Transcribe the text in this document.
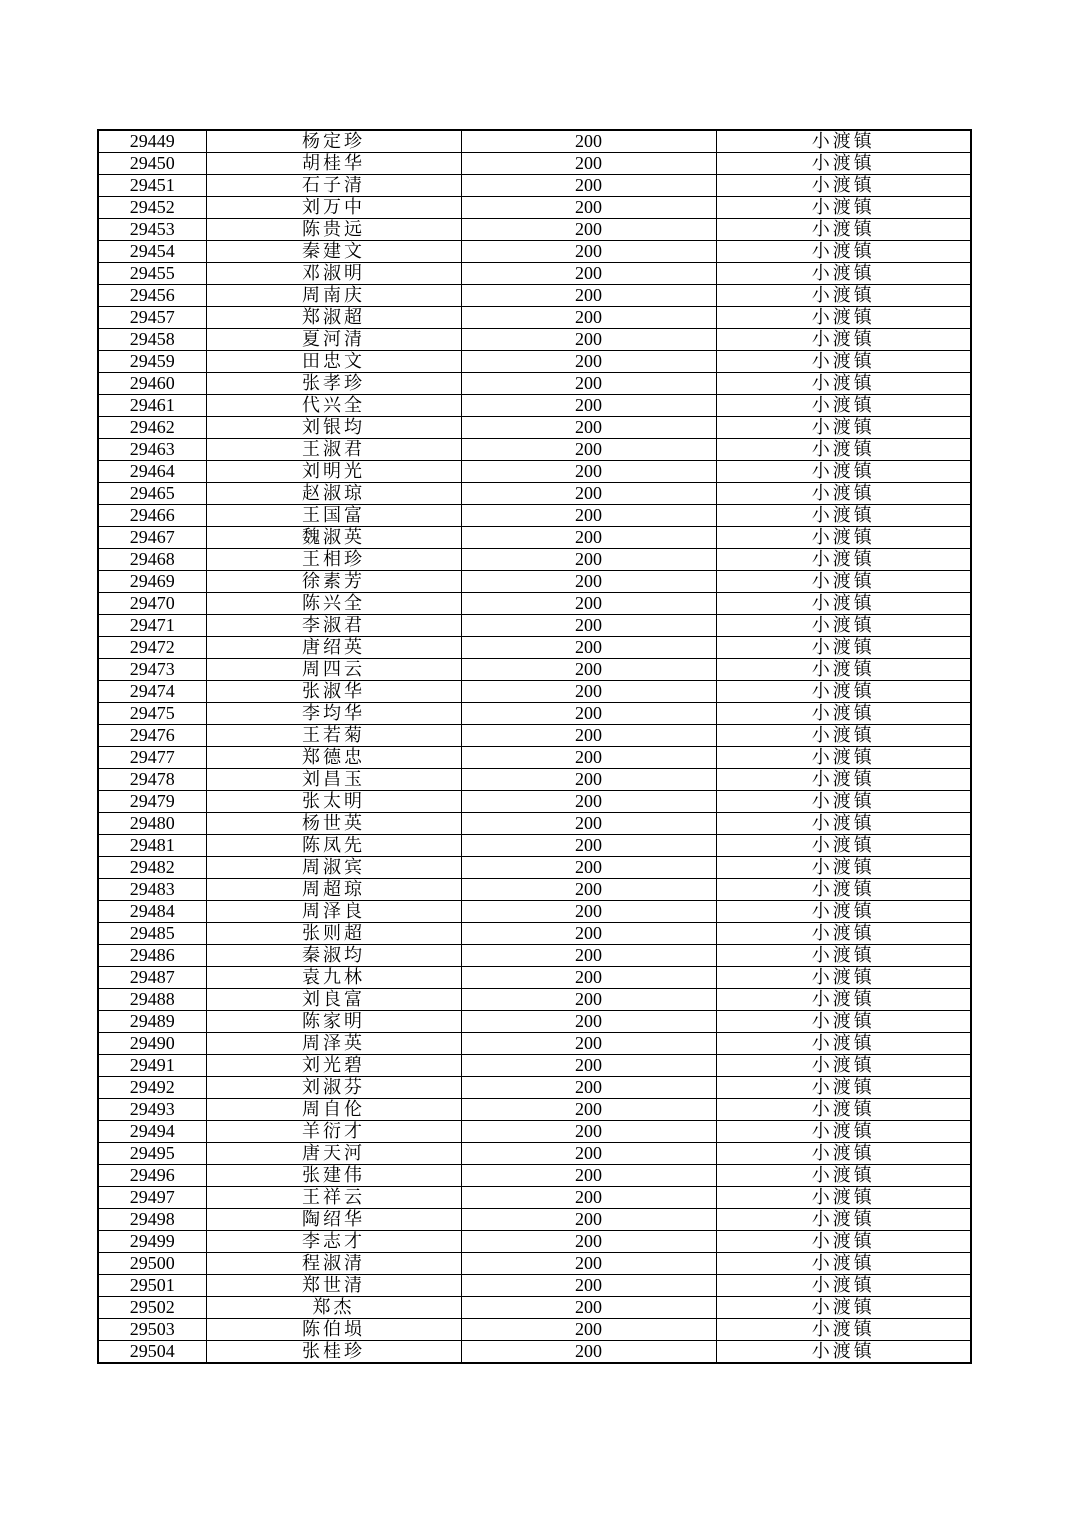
29449	杨定珍	200	小渡镇
29450	胡桂华	200	小渡镇
29451	石子清	200	小渡镇
29452	刘万中	200	小渡镇
29453	陈贵远	200	小渡镇
29454	秦建文	200	小渡镇
29455	邓淑明	200	小渡镇
29456	周南庆	200	小渡镇
29457	郑淑超	200	小渡镇
29458	夏河清	200	小渡镇
29459	田忠文	200	小渡镇
29460	张孝珍	200	小渡镇
29461	代兴全	200	小渡镇
29462	刘银均	200	小渡镇
29463	王淑君	200	小渡镇
29464	刘明光	200	小渡镇
29465	赵淑琼	200	小渡镇
29466	王国富	200	小渡镇
29467	魏淑英	200	小渡镇
29468	王相珍	200	小渡镇
29469	徐素芳	200	小渡镇
29470	陈兴全	200	小渡镇
29471	李淑君	200	小渡镇
29472	唐绍英	200	小渡镇
29473	周四云	200	小渡镇
29474	张淑华	200	小渡镇
29475	李均华	200	小渡镇
29476	王若菊	200	小渡镇
29477	郑德忠	200	小渡镇
29478	刘昌玉	200	小渡镇
29479	张太明	200	小渡镇
29480	杨世英	200	小渡镇
29481	陈凤先	200	小渡镇
29482	周淑宾	200	小渡镇
29483	周超琼	200	小渡镇
29484	周泽良	200	小渡镇
29485	张则超	200	小渡镇
29486	秦淑均	200	小渡镇
29487	袁九林	200	小渡镇
29488	刘良富	200	小渡镇
29489	陈家明	200	小渡镇
29490	周泽英	200	小渡镇
29491	刘光碧	200	小渡镇
29492	刘淑芬	200	小渡镇
29493	周自伦	200	小渡镇
29494	羊衍才	200	小渡镇
29495	唐天河	200	小渡镇
29496	张建伟	200	小渡镇
29497	王祥云	200	小渡镇
29498	陶绍华	200	小渡镇
29499	李志才	200	小渡镇
29500	程淑清	200	小渡镇
29501	郑世清	200	小渡镇
29502	郑杰	200	小渡镇
29503	陈伯埙	200	小渡镇
29504	张桂珍	200	小渡镇
